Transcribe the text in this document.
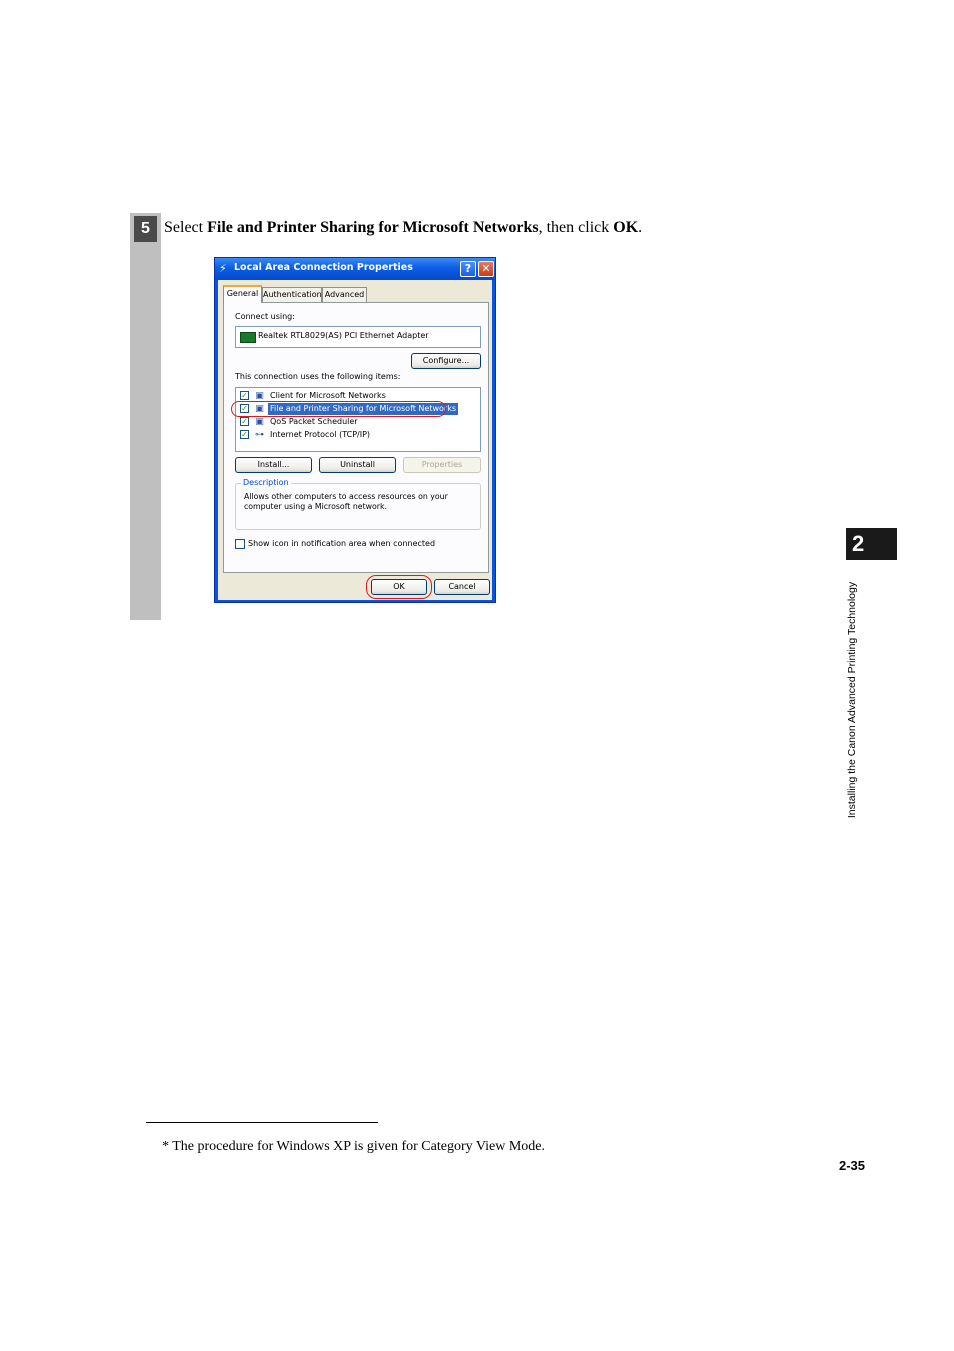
5 Select File and Printer Sharing for Microsoft Networks, then click OK.
⚡ Local Area Connection Properties	? ✕
General Authentication Advanced
Connect using:
Realtek RTL8029(AS) PCI Ethernet Adapter
Configure...
This connection uses the following items:
✓ ▣ Client for Microsoft Networks
✓ ▣ File and Printer Sharing for Microsoft Networks
✓ ▣ QoS Packet Scheduler
✓ ⊶ Internet Protocol (TCP/IP)
Install...	Uninstall	Properties
Description
Allows other computers to access resources on your computer using a Microsoft network.
Show icon in notification area when connected
OK	Cancel
2
Installing the Canon Advanced Printing Technology
* The procedure for Windows XP is given for Category View Mode.
2-35
